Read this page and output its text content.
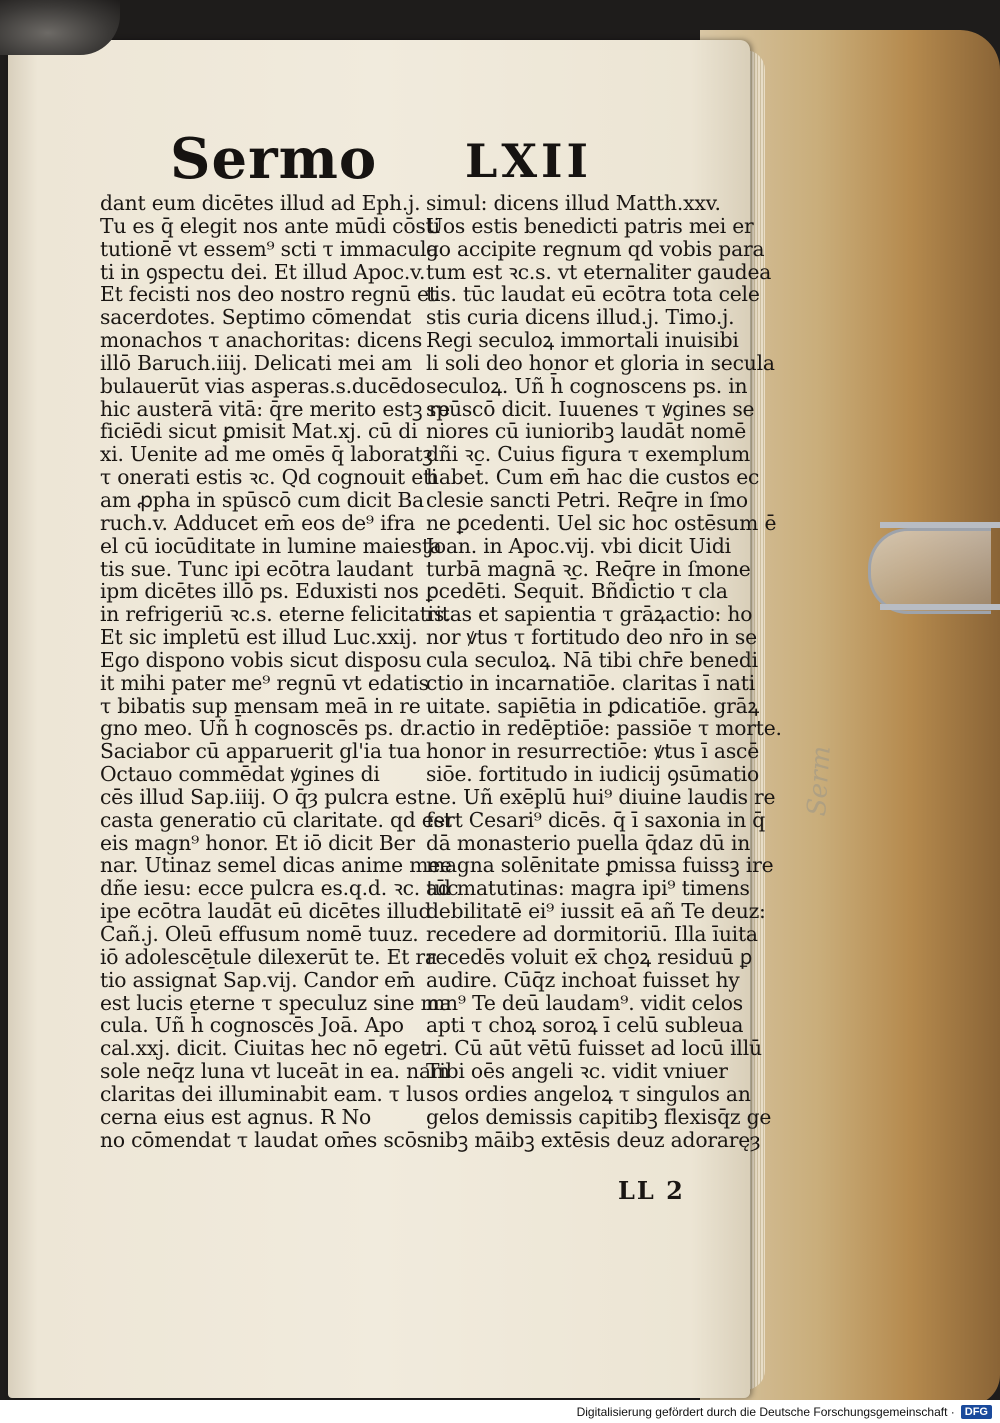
Sermo LXII
dant eum dicētes illud ad Eph.j.
Tu es q̄ elegit nos ante mūdi cōsti
tutionē vt essem⁹ scti τ immacula
ti in ꝯspectu dei. Et illud Apoc.v.
Et fecisti nos deo nostro regnū et
sacerdotes. Septimo cōmendat
monachos τ anachoritas: dicens
illō Baruch.iiij. Delicati mei am
bulauerūt vias asperas.s.ducēdo
hic austerā vitā: q̄re merito estꝫ re
ficiēdi sicut ꝑmisit Mat.xj. cū di
xi. Uenite ad me omēs q̄ laboratꝫ
τ onerati estis ꝛc. Qd cognouit eti
am ꝓpha in spūscō cum dicit Ba
ruch.v. Adducet em̄ eos de⁹ ifra
el cū iocūditate in lumine maiesta
tis sue. Tunc ipi ecōtra laudant
ipm dicētes illō ps. Eduxisti nos
in refrigeriū ꝛc.s. eterne felicitatis.
Et sic impletū est illud Luc.xxij.
Ego dispono vobis sicut disposu
it mihi pater me⁹ regnū vt edatis
τ bibatis sup mensam meā in re
gno meo. Uñ h̄ cognoscēs ps. dr.
Saciabor cū apparuerit gl'ia tua
Octauo commēdat ꝟgines di
cēs illud Sap.iiij. O q̄ȝ pulcra est
casta generatio cū claritate. qd est
eis magn⁹ honor. Et iō dicit Ber
nar. Utinaz semel dicas anime mee
dñe iesu: ecce pulcra es.q.d. ꝛc. tūc
ipe ecōtra laudāt eū dicētes illud
Cañ.j. Oleū effusum nomē tuuz.
iō adolescētule dilexerūt te. Et ra
tio assignat̄ Sap.vij. Candor em̄
est lucis eterne τ speculuz sine ma
cula. Uñ h̄ cognoscēs Joā. Apo
cal.xxj. dicit. Ciuitas hec nō eget
sole neq̄z luna vt luceāt in ea. nam
claritas dei illuminabit eam. τ lu
cerna eius est agnus. R No
no cōmendat τ laudat om̄es scōs
simul: dicens illud Matth.xxv.
Uos estis benedicti patris mei er
go accipite regnum qd vobis para
tum est ꝛc.s. vt eternaliter gaudea
tis. tūc laudat eū ecōtra tota cele
stis curia dicens illud.j. Timo.j.
Regi seculoꝝ immortali inuisibi
li soli deo honor et gloria in secula
seculoꝝ. Uñ h̄ cognoscens ps. in
spūscō dicit. Iuuenes τ ꝟgines se
niores cū iunioribꝫ laudāt nomē
dñi ꝛc. Cuius figura τ exemplum
habet̄. Cum em̄ hac die custos ec
clesie sancti Petri. Req̄re in ſmo
ne ꝑcedenti. Uel sic hoc ostēsum ē
Joan. in Apoc.vij. vbi dicit Uidi
turbā magnā ꝛc. Req̄re in ſmone
ꝑcedēti. Sequit̄. Bñdictio τ cla
ritas et sapientia τ grāꝝactio: ho
nor ꝟtus τ fortitudo deo nr̄o in se
cula seculoꝝ. Nā tibi chr̄e benedi
ctio in incarnatiōe. claritas ī nati
uitate. sapiētia in ꝑdicatiōe. grāꝝ
actio in redēptiōe: passiōe τ morte.
honor in resurrectiōe: ꝟtus ī ascē
siōe. fortitudo in iudicij ꝯsūmatio
ne. Uñ exēplū hui⁹ diuine laudis re
fert Cesari⁹ dicēs. q̄ ī saxonia in q̄
dā monasterio puella q̄daz dū in
magna solēnitate ꝑmissa fuissꝫ ire
ad matutinas: magra ipi⁹ timens
debilitatē ei⁹ iussit eā añ Te deuz:
recedere ad dormitoriū. Illa īuita
recedēs voluit ex̄ choꝝ residuū ꝑ
audire. Cūq̄z inchoat̄ fuisset hy
mn⁹ Te deū laudam⁹. vidit celos
apti τ choꝝ soroꝝ ī celū subleua
ri. Cū aūt vētū fuisset ad locū illū
Tibi oēs angeli ꝛc. vidit vniuer
sos ordies angeloꝝ τ singulos an
gelos demissis capitibꝫ flexisq̄z ge
nibꝫ māibꝫ extēsis deuz adoraręȝ
LL 2
Serm
Digitalisierung gefördert durch die Deutsche Forschungsgemeinschaft · DFG
